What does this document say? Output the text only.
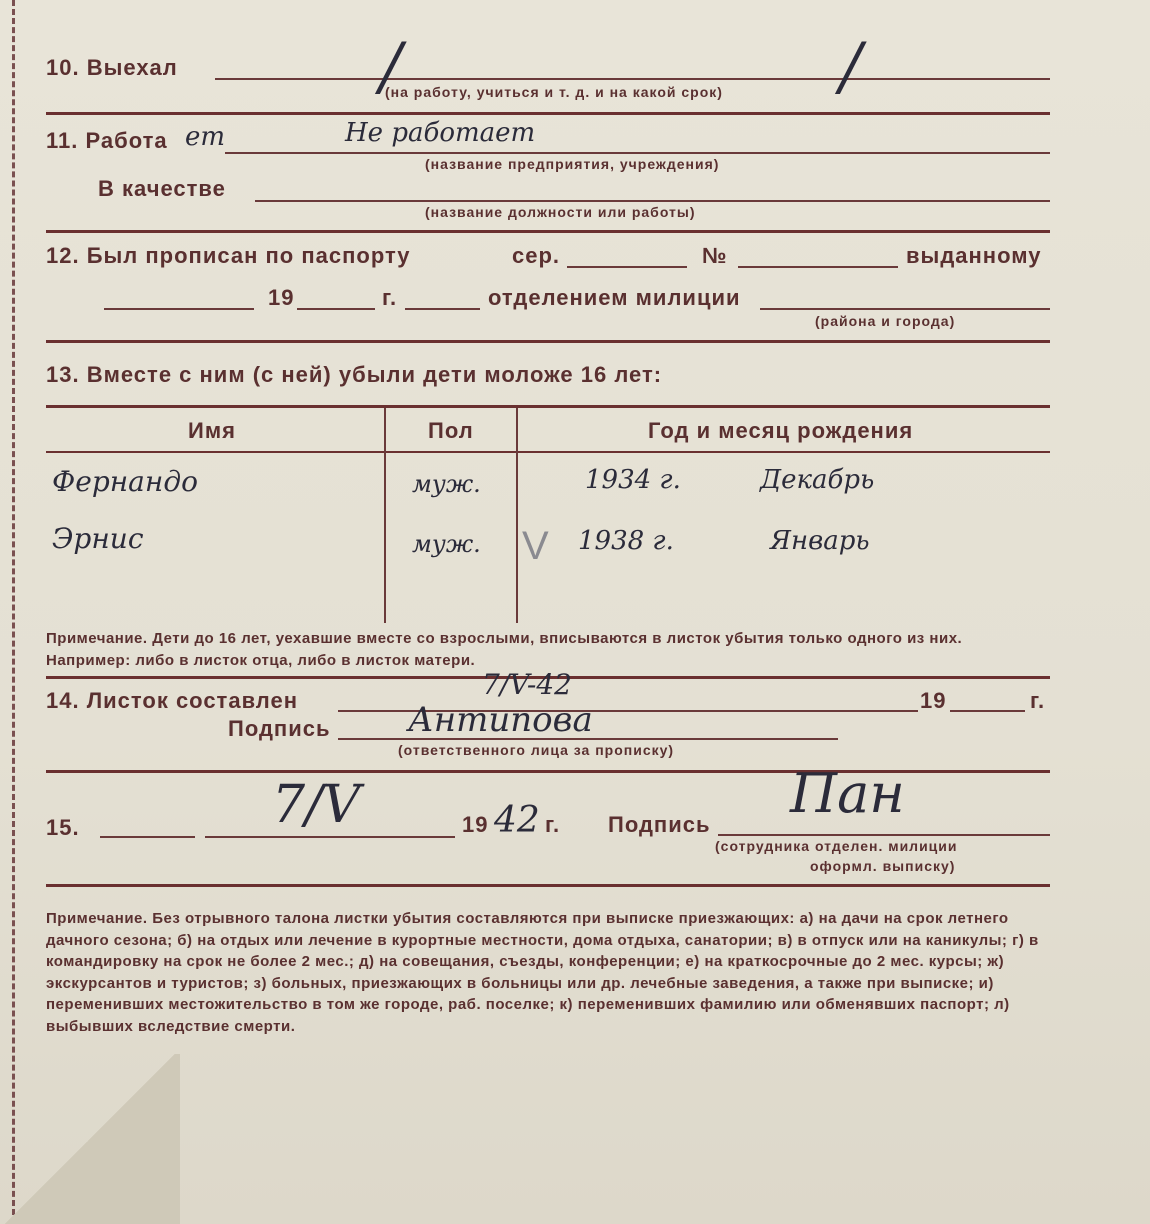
10. Выехал	/	/
(на работу, учиться и т. д. и на какой срок)
11. Работа ет	Не работает
(название предприятия, учреждения)
В качестве
(название должности или работы)
12. Был прописан по паспорту	сер.	№	выданному
19	г.	отделением милиции
(района и города)
13. Вместе с ним (с ней) убыли дети моложе 16 лет:
Имя	Пол	Год и месяц рождения
Фернандо	муж.	1934 г.	Декабрь
Эрнис	муж. V 1938 г.	Январь
Примечание. Дети до 16 лет, уехавшие вместе со взрослыми, вписываются в листок убытия только одного из них. Например: либо в листок отца, либо в листок матери.
14. Листок составлен	7/V-42	19	г.
Подпись Антипова
(ответственного лица за прописку)
15.	7/V	19 42 г. Подпись Пан
(сотрудника отделен. милиции
оформл. выписку)
Примечание. Без отрывного талона листки убытия составляются при выписке приезжающих: а) на дачи на срок летнего дачного сезона; б) на отдых или лечение в курортные местности, дома отдыха, санатории; в) в отпуск или на каникулы; г) в командировку на срок не более 2 мес.; д) на совещания, съезды, конференции; е) на краткосрочные до 2 мес. курсы; ж) экскурсантов и туристов; з) больных, приезжающих в больницы или др. лечебные заведения, а также при выписке; и) переменивших местожительство в том же городе, раб. поселке; к) переменивших фамилию или обменявших паспорт; л) выбывших вследствие смерти.
